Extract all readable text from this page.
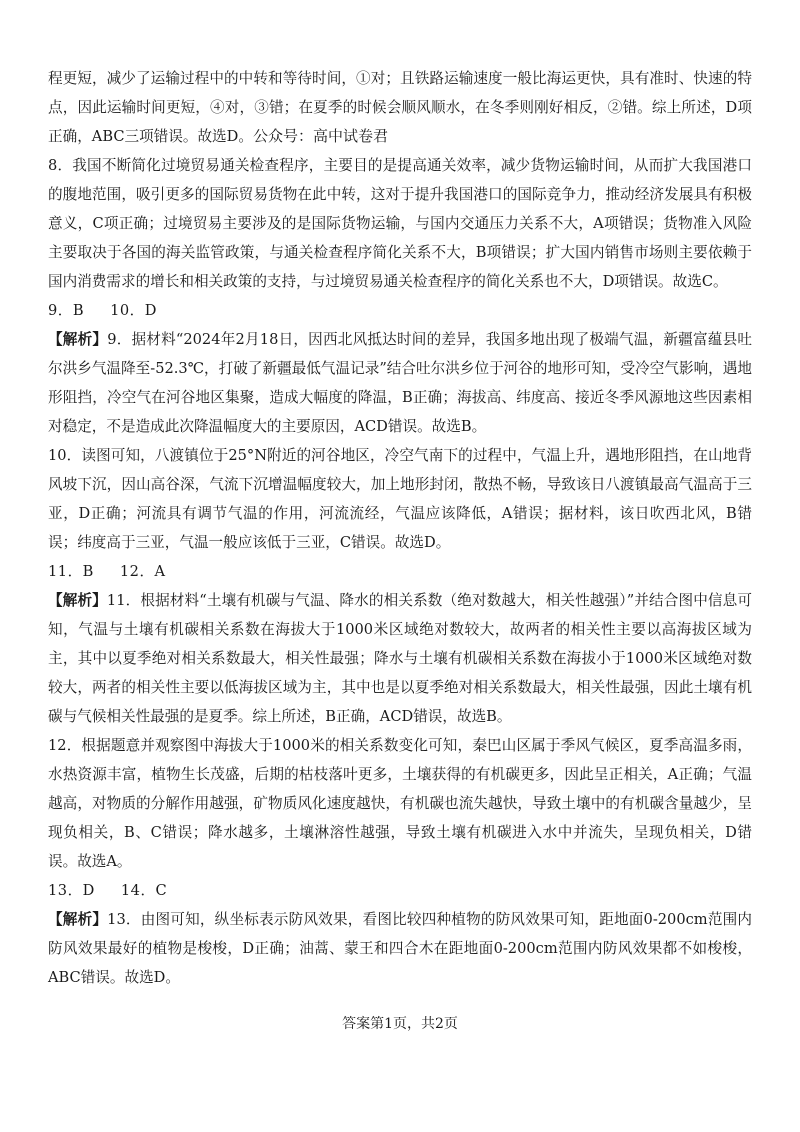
程更短，减少了运输过程中的中转和等待时间，①对；且铁路运输速度一般比海运更快，具有准时、快速的特点，因此运输时间更短，④对，③错；在夏季的时候会顺风顺水，在冬季则刚好相反，②错。综上所述，D项正确，ABC三项错误。故选D。公众号：高中试卷君

8．我国不断简化过境贸易通关检查程序，主要目的是提高通关效率，减少货物运输时间，从而扩大我国港口的腹地范围，吸引更多的国际贸易货物在此中转，这对于提升我国港口的国际竞争力，推动经济发展具有积极意义，C项正确；过境贸易主要涉及的是国际货物运输，与国内交通压力关系不大，A项错误；货物准入风险主要取决于各国的海关监管政策，与通关检查程序简化关系不大，B项错误；扩大国内销售市场则主要依赖于国内消费需求的增长和相关政策的支持，与过境贸易通关检查程序的简化关系也不大，D项错误。故选C。

9．B 10．D

【解析】9．据材料“2024年2月18日，因西北风抵达时间的差异，我国多地出现了极端气温，新疆富蕴县吐尔洪乡气温降至-52.3℃，打破了新疆最低气温记录”结合吐尔洪乡位于河谷的地形可知，受冷空气影响，遇地形阻挡，冷空气在河谷地区集聚，造成大幅度的降温，B正确；海拔高、纬度高、接近冬季风源地这些因素相对稳定，不是造成此次降温幅度大的主要原因，ACD错误。故选B。

10．读图可知，八渡镇位于25°N附近的河谷地区，冷空气南下的过程中，气温上升，遇地形阻挡，在山地背风坡下沉，因山高谷深，气流下沉增温幅度较大，加上地形封闭，散热不畅，导致该日八渡镇最高气温高于三亚，D正确；河流具有调节气温的作用，河流流经，气温应该降低，A错误；据材料，该日吹西北风，B错误；纬度高于三亚，气温一般应该低于三亚，C错误。故选D。

11．B 12．A

【解析】11．根据材料“土壤有机碳与气温、降水的相关系数（绝对数越大，相关性越强）”并结合图中信息可知，气温与土壤有机碳相关系数在海拔大于1000米区域绝对数较大，故两者的相关性主要以高海拔区域为主，其中以夏季绝对相关系数最大，相关性最强；降水与土壤有机碳相关系数在海拔小于1000米区域绝对数较大，两者的相关性主要以低海拔区域为主，其中也是以夏季绝对相关系数最大，相关性最强，因此土壤有机碳与气候相关性最强的是夏季。综上所述，B正确，ACD错误，故选B。

12．根据题意并观察图中海拔大于1000米的相关系数变化可知，秦巴山区属于季风气候区，夏季高温多雨，水热资源丰富，植物生长茂盛，后期的枯枝落叶更多，土壤获得的有机碳更多，因此呈正相关，A正确；气温越高，对物质的分解作用越强，矿物质风化速度越快，有机碳也流失越快，导致土壤中的有机碳含量越少，呈现负相关，B、C错误；降水越多，土壤淋溶性越强，导致土壤有机碳进入水中并流失，呈现负相关，D错误。故选A。

13．D 14．C

【解析】13．由图可知，纵坐标表示防风效果，看图比较四种植物的防风效果可知，距地面0-200cm范围内防风效果最好的植物是梭梭，D正确；油蒿、蒙王和四合木在距地面0-200cm范围内防风效果都不如梭梭，ABC错误。故选D。

答案第1页，共2页
